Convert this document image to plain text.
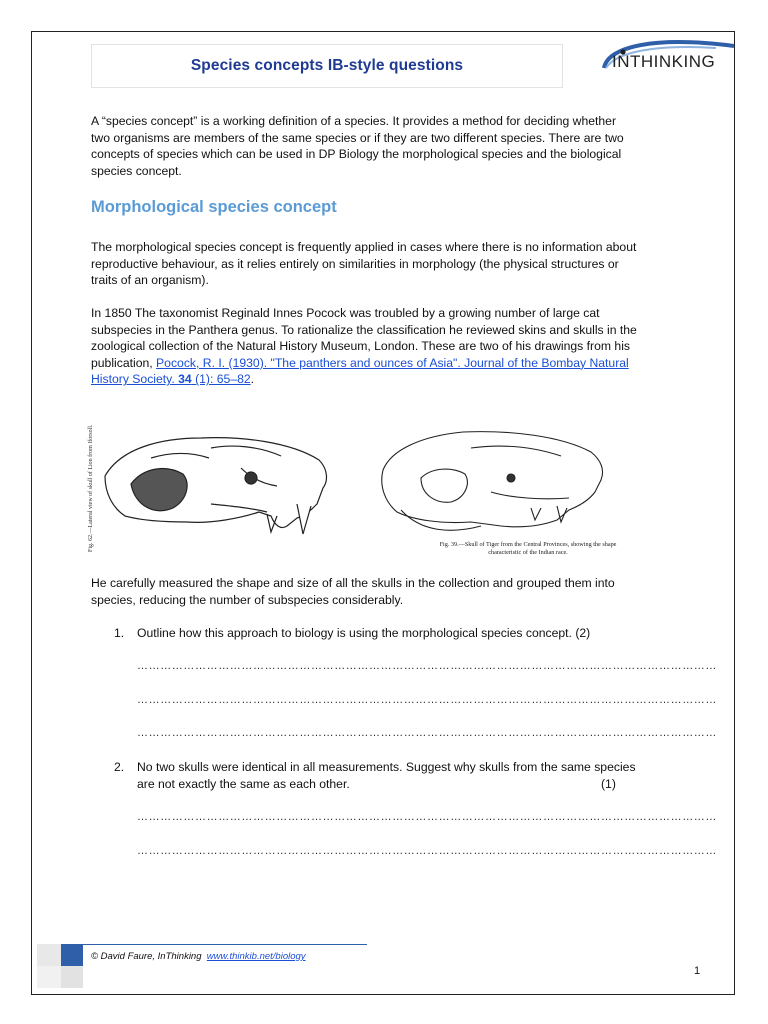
Species concepts IB-style questions	INTHINKING
A “species concept” is a working definition of a species. It provides a method for deciding whether
two organisms are members of the same species or if they are two different species. There are two
concepts of species which can be used in DP Biology the morphological species and the biological
species concept.
Morphological species concept
The morphological species concept is frequently applied in cases where there is no information about
reproductive behaviour, as it relies entirely on similarities in morphology (the physical structures or
traits of an organism).
In 1850 The taxonomist Reginald Innes Pocock was troubled by a growing number of large cat
subspecies in the Panthera genus. To rationalize the classification he reviewed skins and skulls in the
zoological collection of the Natural History Museum, London. These are two of his drawings from his
publication, Pocock, R. I. (1930). "The panthers and ounces of Asia". Journal of the Bombay Natural
History Society. 34 (1): 65–82.
Fig. 62.—Lateral view of skull of Lion from Iforsoll.	Fig. 39.—Skull of Tiger from the Central Provinces, showing the shape
characteristic of the Indian race.
He carefully measured the shape and size of all the skulls in the collection and grouped them into
species, reducing the number of subspecies considerably.
1. Outline how this approach to biology is using the morphological species concept. (2)
……………………………………………………………………………………………………………………………………
……………………………………………………………………………………………………………………………………
……………………………………………………………………………………………………………………………………
2. No two skulls were identical in all measurements. Suggest why skulls from the same species
are not exactly the same as each other.	(1)
……………………………………………………………………………………………………………………………………
……………………………………………………………………………………………………………………………………
© David Faure, InThinking www.thinkib.net/biology
1
